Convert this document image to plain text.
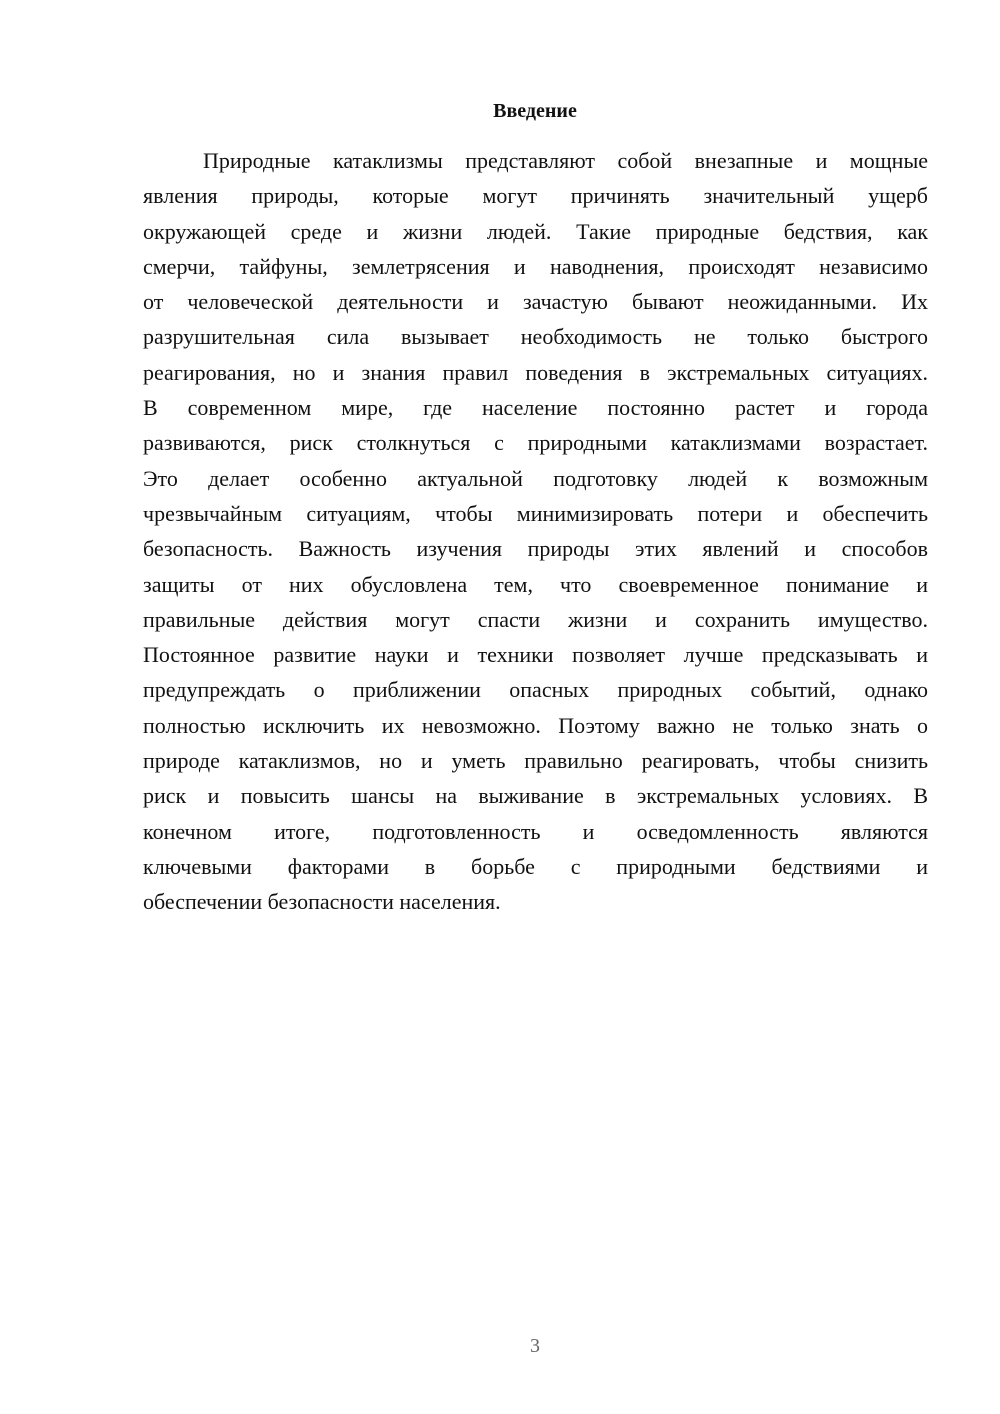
Введение
Природные катаклизмы представляют собой внезапные и мощные
явления природы, которые могут причинять значительный ущерб
окружающей среде и жизни людей. Такие природные бедствия, как
смерчи, тайфуны, землетрясения и наводнения, происходят независимо
от человеческой деятельности и зачастую бывают неожиданными. Их
разрушительная сила вызывает необходимость не только быстрого
реагирования, но и знания правил поведения в экстремальных ситуациях.
В современном мире, где население постоянно растет и города
развиваются, риск столкнуться с природными катаклизмами возрастает.
Это делает особенно актуальной подготовку людей к возможным
чрезвычайным ситуациям, чтобы минимизировать потери и обеспечить
безопасность. Важность изучения природы этих явлений и способов
защиты от них обусловлена тем, что своевременное понимание и
правильные действия могут спасти жизни и сохранить имущество.
Постоянное развитие науки и техники позволяет лучше предсказывать и
предупреждать о приближении опасных природных событий, однако
полностью исключить их невозможно. Поэтому важно не только знать о
природе катаклизмов, но и уметь правильно реагировать, чтобы снизить
риск и повысить шансы на выживание в экстремальных условиях. В
конечном итоге, подготовленность и осведомленность являются
ключевыми факторами в борьбе с природными бедствиями и
обеспечении безопасности населения.
3
